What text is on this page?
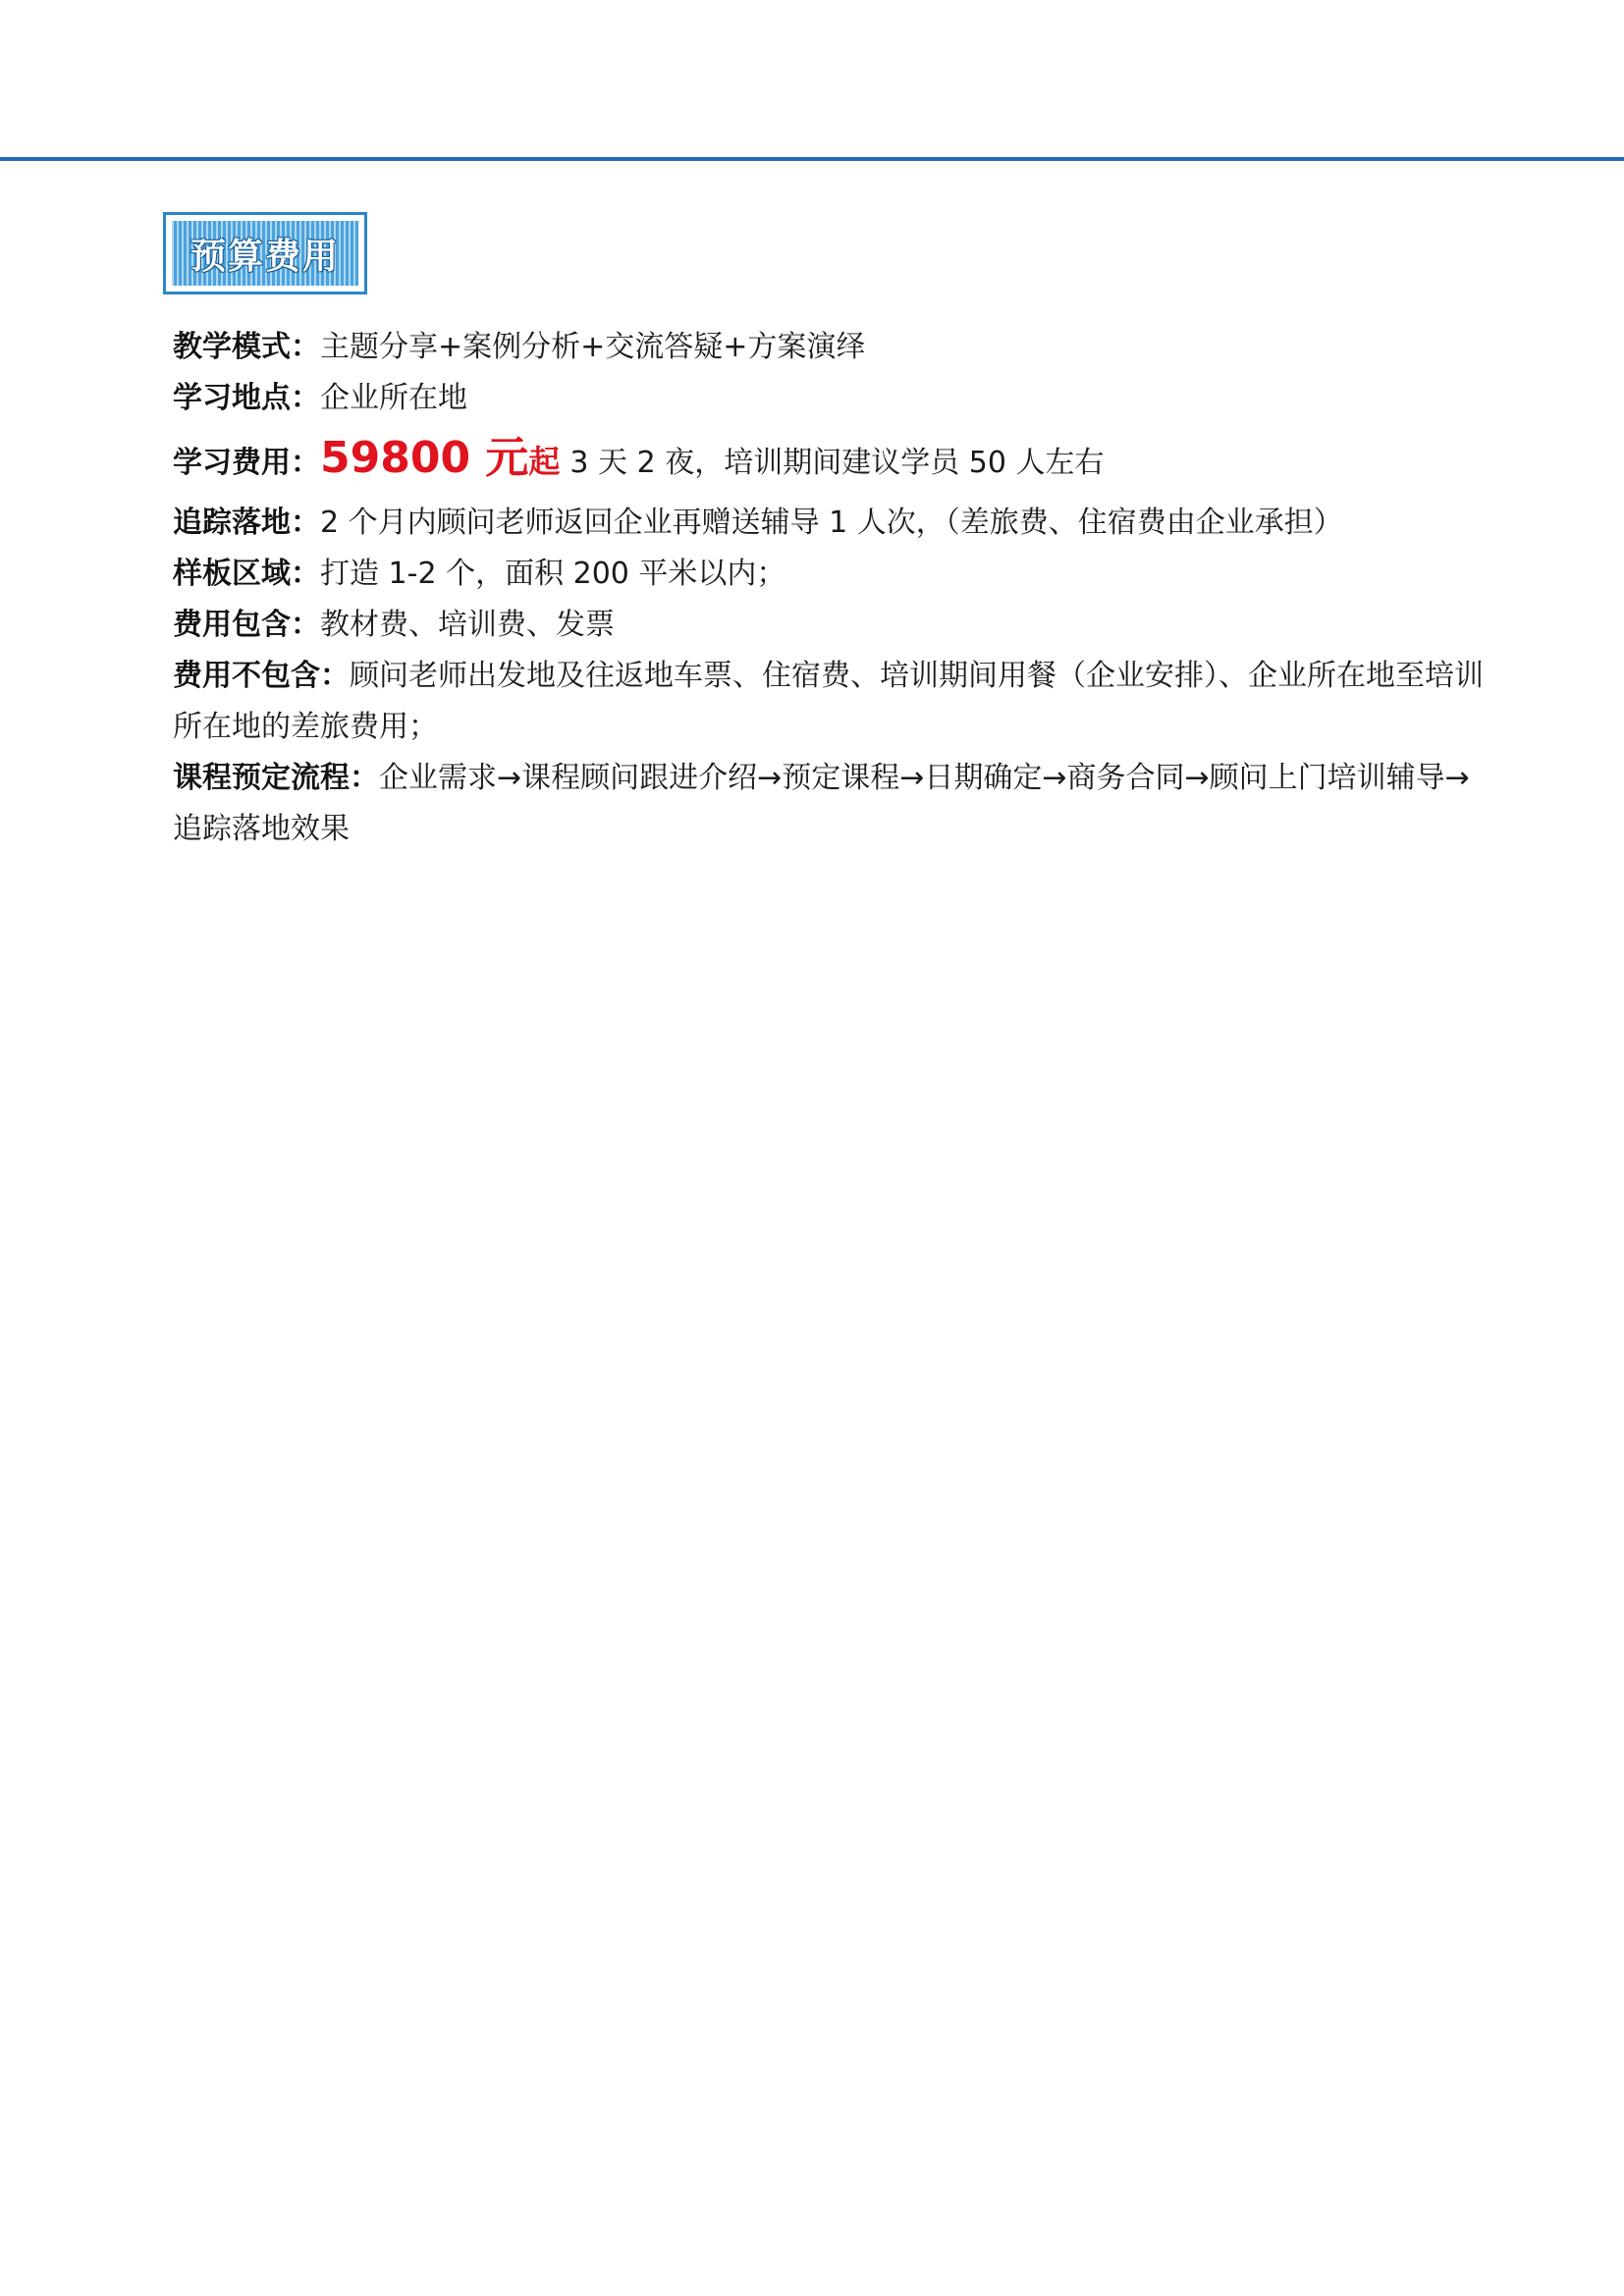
预算费用

教学模式：主题分享+案例分析+交流答疑+方案演绎

学习地点：企业所在地

学习费用：59800 元起 3 天 2 夜，培训期间建议学员 50 人左右

追踪落地：2 个月内顾问老师返回企业再赠送辅导 1 人次，（差旅费、住宿费由企业承担）

样板区域：打造 1-2 个，面积 200 平米以内；

费用包含：教材费、培训费、发票

费用不包含：顾问老师出发地及往返地车票、住宿费、培训期间用餐（企业安排）、企业所在地至培训所在地的差旅费用；

课程预定流程：企业需求→课程顾问跟进介绍→预定课程→日期确定→商务合同→顾问上门培训辅导→追踪落地效果
